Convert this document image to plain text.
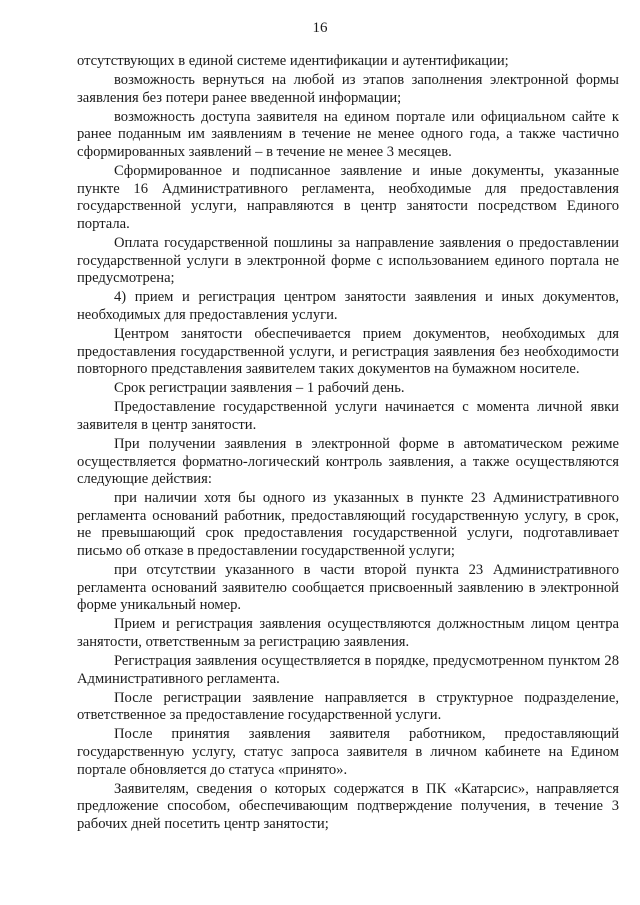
16

отсутствующих в единой системе идентификации и аутентификации;

возможность вернуться на любой из этапов заполнения электронной формы заявления без потери ранее введенной информации;

возможность доступа заявителя на едином портале или официальном сайте к ранее поданным им заявлениям в течение не менее одного года, а также частично сформированных заявлений – в течение не менее 3 месяцев.

Сформированное и подписанное заявление и иные документы, указанные пункте 16 Административного регламента, необходимые для предоставления государственной услуги, направляются в центр занятости посредством Единого портала.

Оплата государственной пошлины за направление заявления о предоставлении государственной услуги в электронной форме с использованием единого портала не предусмотрена;

4) прием и регистрация центром занятости заявления и иных документов, необходимых для предоставления услуги.

Центром занятости обеспечивается прием документов, необходимых для предоставления государственной услуги, и регистрация заявления без необходимости повторного представления заявителем таких документов на бумажном носителе.

Срок регистрации заявления – 1 рабочий день.

Предоставление государственной услуги начинается с момента личной явки заявителя в центр занятости.

При получении заявления в электронной форме в автоматическом режиме осуществляется форматно-логический контроль заявления, а также осуществляются следующие действия:

при наличии хотя бы одного из указанных в пункте 23 Административного регламента оснований работник, предоставляющий государственную услугу, в срок, не превышающий срок предоставления государственной услуги, подготавливает письмо об отказе в предоставлении государственной услуги;

при отсутствии указанного в части второй пункта 23 Административного регламента оснований заявителю сообщается присвоенный заявлению в электронной форме уникальный номер.

Прием и регистрация заявления осуществляются должностным лицом центра занятости, ответственным за регистрацию заявления.

Регистрация заявления осуществляется в порядке, предусмотренном пунктом 28 Административного регламента.

После регистрации заявление направляется в структурное подразделение, ответственное за предоставление государственной услуги.

После принятия заявления заявителя работником, предоставляющий государственную услугу, статус запроса заявителя в личном кабинете на Едином портале обновляется до статуса «принято».

Заявителям, сведения о которых содержатся в ПК «Катарсис», направляется предложение способом, обеспечивающим подтверждение получения, в течение 3 рабочих дней посетить центр занятости;
